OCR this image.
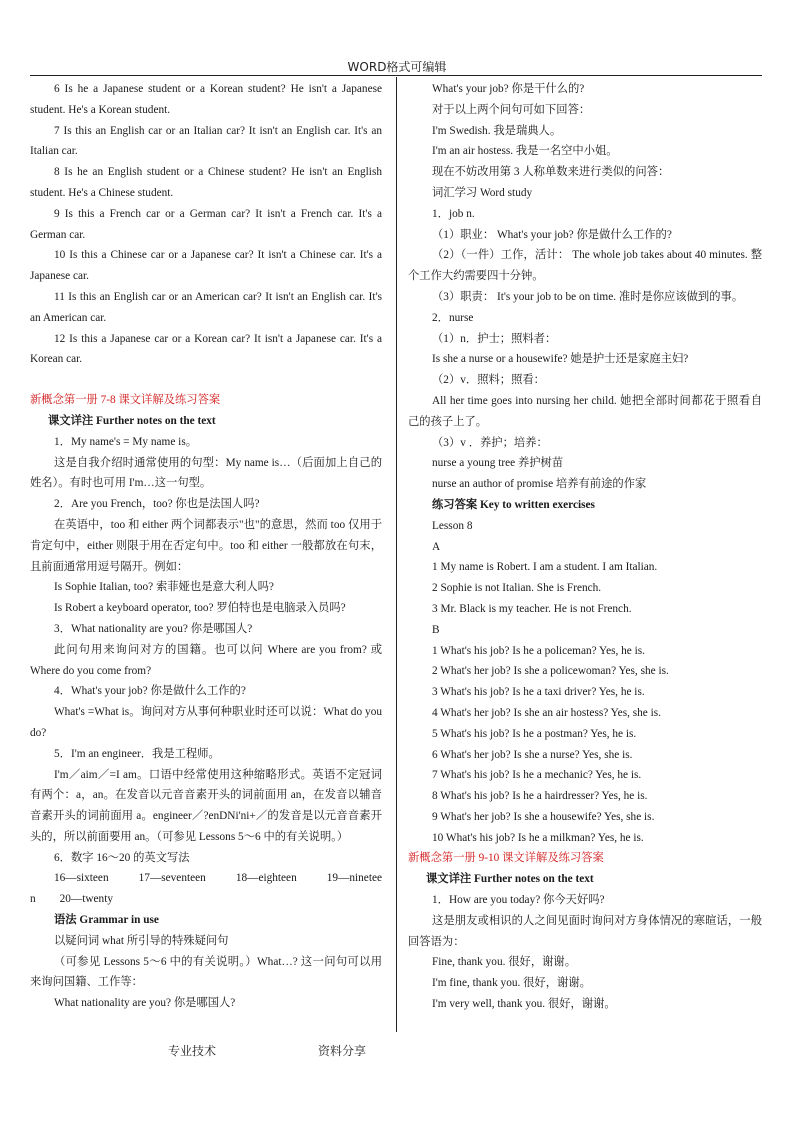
WORD格式可编辑

6 Is he a Japanese student or a Korean student? He isn't a Japanese student. He's a Korean student.

7 Is this an English car or an Italian car? It isn't an English car. It's an Italian car.

8 Is he an English student or a Chinese student? He isn't an English student. He's a Chinese student.

9 Is this a French car or a German car? It isn't a French car. It's a German car.

10 Is this a Chinese car or a Japanese car? It isn't a Chinese car. It's a Japanese car.

11 Is this an English car or an American car? It isn't an English car. It's an American car.

12 Is this a Japanese car or a Korean car? It isn't a Japanese car. It's a Korean car.

新概念第一册 7-8 课文详解及练习答案

课文详注 Further notes on the text

1．My name's = My name is。

这是自我介绍时通常使用的句型：My name is…（后面加上自己的姓名）。有时也可用 I'm…这一句型。

2．Are you French，too? 你也是法国人吗?

在英语中，too 和 either 两个词都表示"也"的意思，然而 too 仅用于肯定句中，either 则限于用在否定句中。too 和 either 一般都放在句末，且前面通常用逗号隔开。例如：

Is Sophie Italian, too? 索菲娅也是意大利人吗?

Is Robert a keyboard operator, too? 罗伯特也是电脑录入员吗?

3．What nationality are you? 你是哪国人?

此问句用来询问对方的国籍。也可以问 Where are you from? 或 Where do you come from?

4．What's your job? 你是做什么工作的?

What's =What is。询问对方从事何种职业时还可以说：What do you do?

5．I'm an engineer．我是工程师。

I'm／aim／=I am。口语中经常使用这种缩略形式。英语不定冠词有两个：a，an。在发音以元音音素开头的词前面用 an，在发音以辅音音素开头的词前面用 a。engineer／?enDNi'ni+／的发音是以元音音素开头的，所以前面要用 an。（可参见 Lessons 5～6 中的有关说明。）

6．数字 16～20 的英文写法

16—sixteen	17—seventeen	18—eighteen	19—ninetee

n 20—twenty

语法 Grammar in use

以疑问词 what 所引导的特殊疑问句

（可参见 Lessons 5～6 中的有关说明。）What…? 这一问句可以用来询问国籍、工作等：

What nationality are you? 你是哪国人?

What's your job? 你是干什么的?

对于以上两个问句可如下回答：

I'm Swedish. 我是瑞典人。

I'm an air hostess. 我是一名空中小姐。

现在不妨改用第 3 人称单数来进行类似的问答：

词汇学习 Word study

1．job n.

（1）职业： What's your job? 你是做什么工作的?

（2）（一件）工作，活计： The whole job takes about 40 minutes. 整个工作大约需要四十分钟。

（3）职责： It's your job to be on time. 准时是你应该做到的事。

2．nurse

（1）n．护士；照料者：

Is she a nurse or a housewife? 她是护士还是家庭主妇?

（2）v．照料；照看：

All her time goes into nursing her child. 她把全部时间都花于照看自己的孩子上了。

（3）v ．养护；培养：

nurse a young tree 养护树苗

nurse an author of promise 培养有前途的作家

练习答案 Key to written exercises

Lesson 8

A

1 My name is Robert. I am a student. I am Italian.

2 Sophie is not Italian. She is French.

3 Mr. Black is my teacher. He is not French.

B

1 What's his job? Is he a policeman? Yes, he is.

2 What's her job? Is she a policewoman? Yes, she is.

3 What's his job? Is he a taxi driver? Yes, he is.

4 What's her job? Is she an air hostess? Yes, she is.

5 What's his job? Is he a postman? Yes, he is.

6 What's her job? Is she a nurse? Yes, she is.

7 What's his job? Is he a mechanic? Yes, he is.

8 What's his job? Is he a hairdresser? Yes, he is.

9 What's her job? Is she a housewife? Yes, she is.

10 What's his job? Is he a milkman? Yes, he is.

新概念第一册 9-10 课文详解及练习答案

课文详注 Further notes on the text

1．How are you today? 你今天好吗?

这是朋友或相识的人之间见面时询问对方身体情况的寒暄话，一般回答语为：

Fine, thank you. 很好，谢谢。

I'm fine, thank you. 很好，谢谢。

I'm very well, thank you. 很好，谢谢。

专业技术	资料分享
